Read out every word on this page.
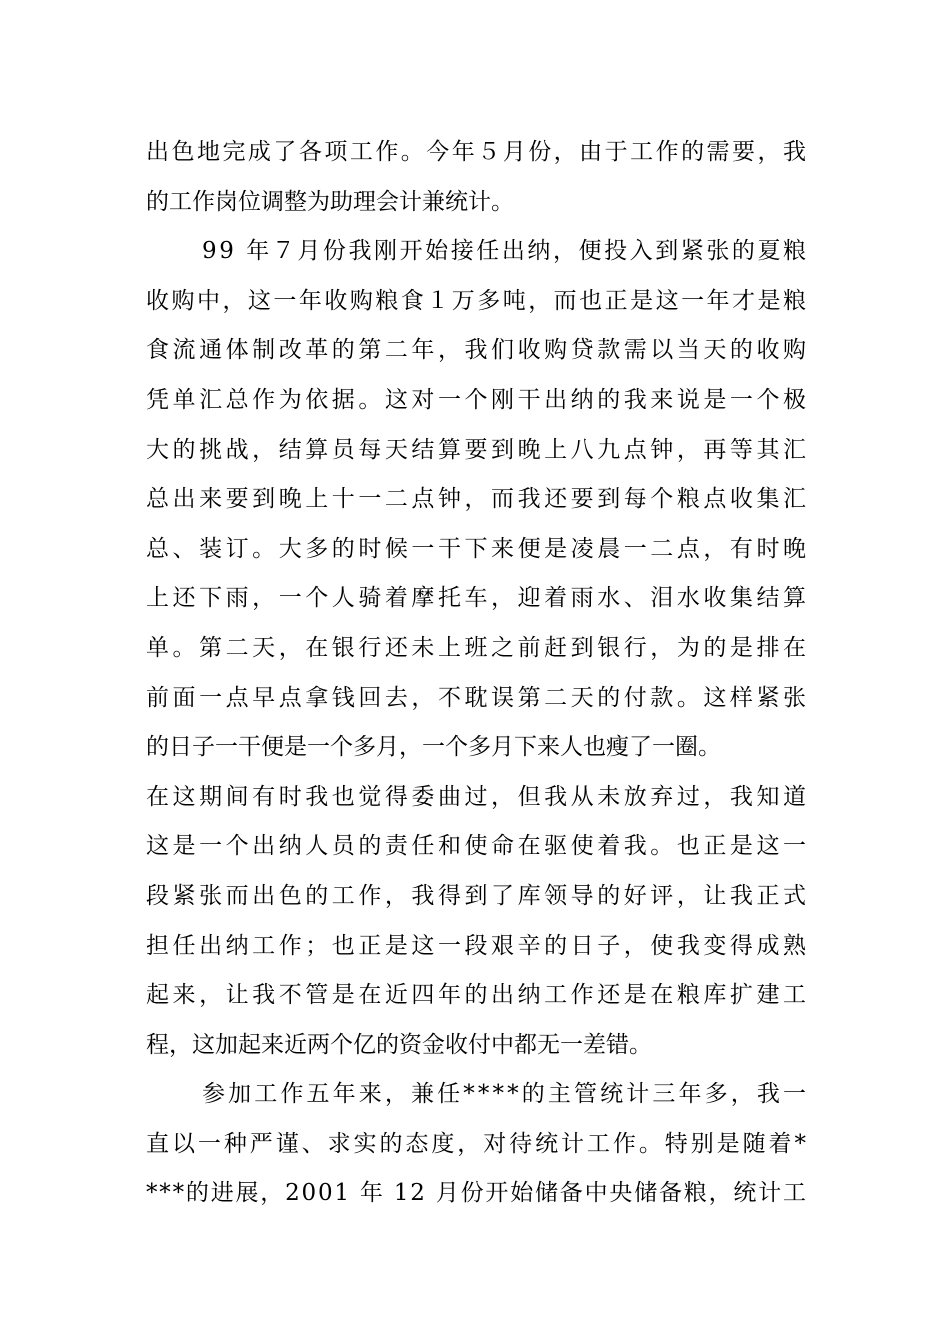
出色地完成了各项工作。今年５月份，由于工作的需要，我
的工作岗位调整为助理会计兼统计。
99 年７月份我刚开始接任出纳，便投入到紧张的夏粮
收购中，这一年收购粮食１万多吨，而也正是这一年才是粮
食流通体制改革的第二年，我们收购贷款需以当天的收购
凭单汇总作为依据。这对一个刚干出纳的我来说是一个极
大的挑战，结算员每天结算要到晚上八九点钟，再等其汇
总出来要到晚上十一二点钟，而我还要到每个粮点收集汇
总、装订。大多的时候一干下来便是凌晨一二点，有时晚
上还下雨，一个人骑着摩托车，迎着雨水、泪水收集结算
单。第二天，在银行还未上班之前赶到银行，为的是排在
前面一点早点拿钱回去，不耽误第二天的付款。这样紧张
的日子一干便是一个多月，一个多月下来人也瘦了一圈。
在这期间有时我也觉得委曲过，但我从未放弃过，我知道
这是一个出纳人员的责任和使命在驱使着我。也正是这一
段紧张而出色的工作，我得到了库领导的好评，让我正式
担任出纳工作；也正是这一段艰辛的日子，使我变得成熟
起来，让我不管是在近四年的出纳工作还是在粮库扩建工
程，这加起来近两个亿的资金收付中都无一差错。
参加工作五年来，兼任****的主管统计三年多，我一
直以一种严谨、求实的态度，对待统计工作。特别是随着*
***的进展，2001 年 12 月份开始储备中央储备粮，统计工
